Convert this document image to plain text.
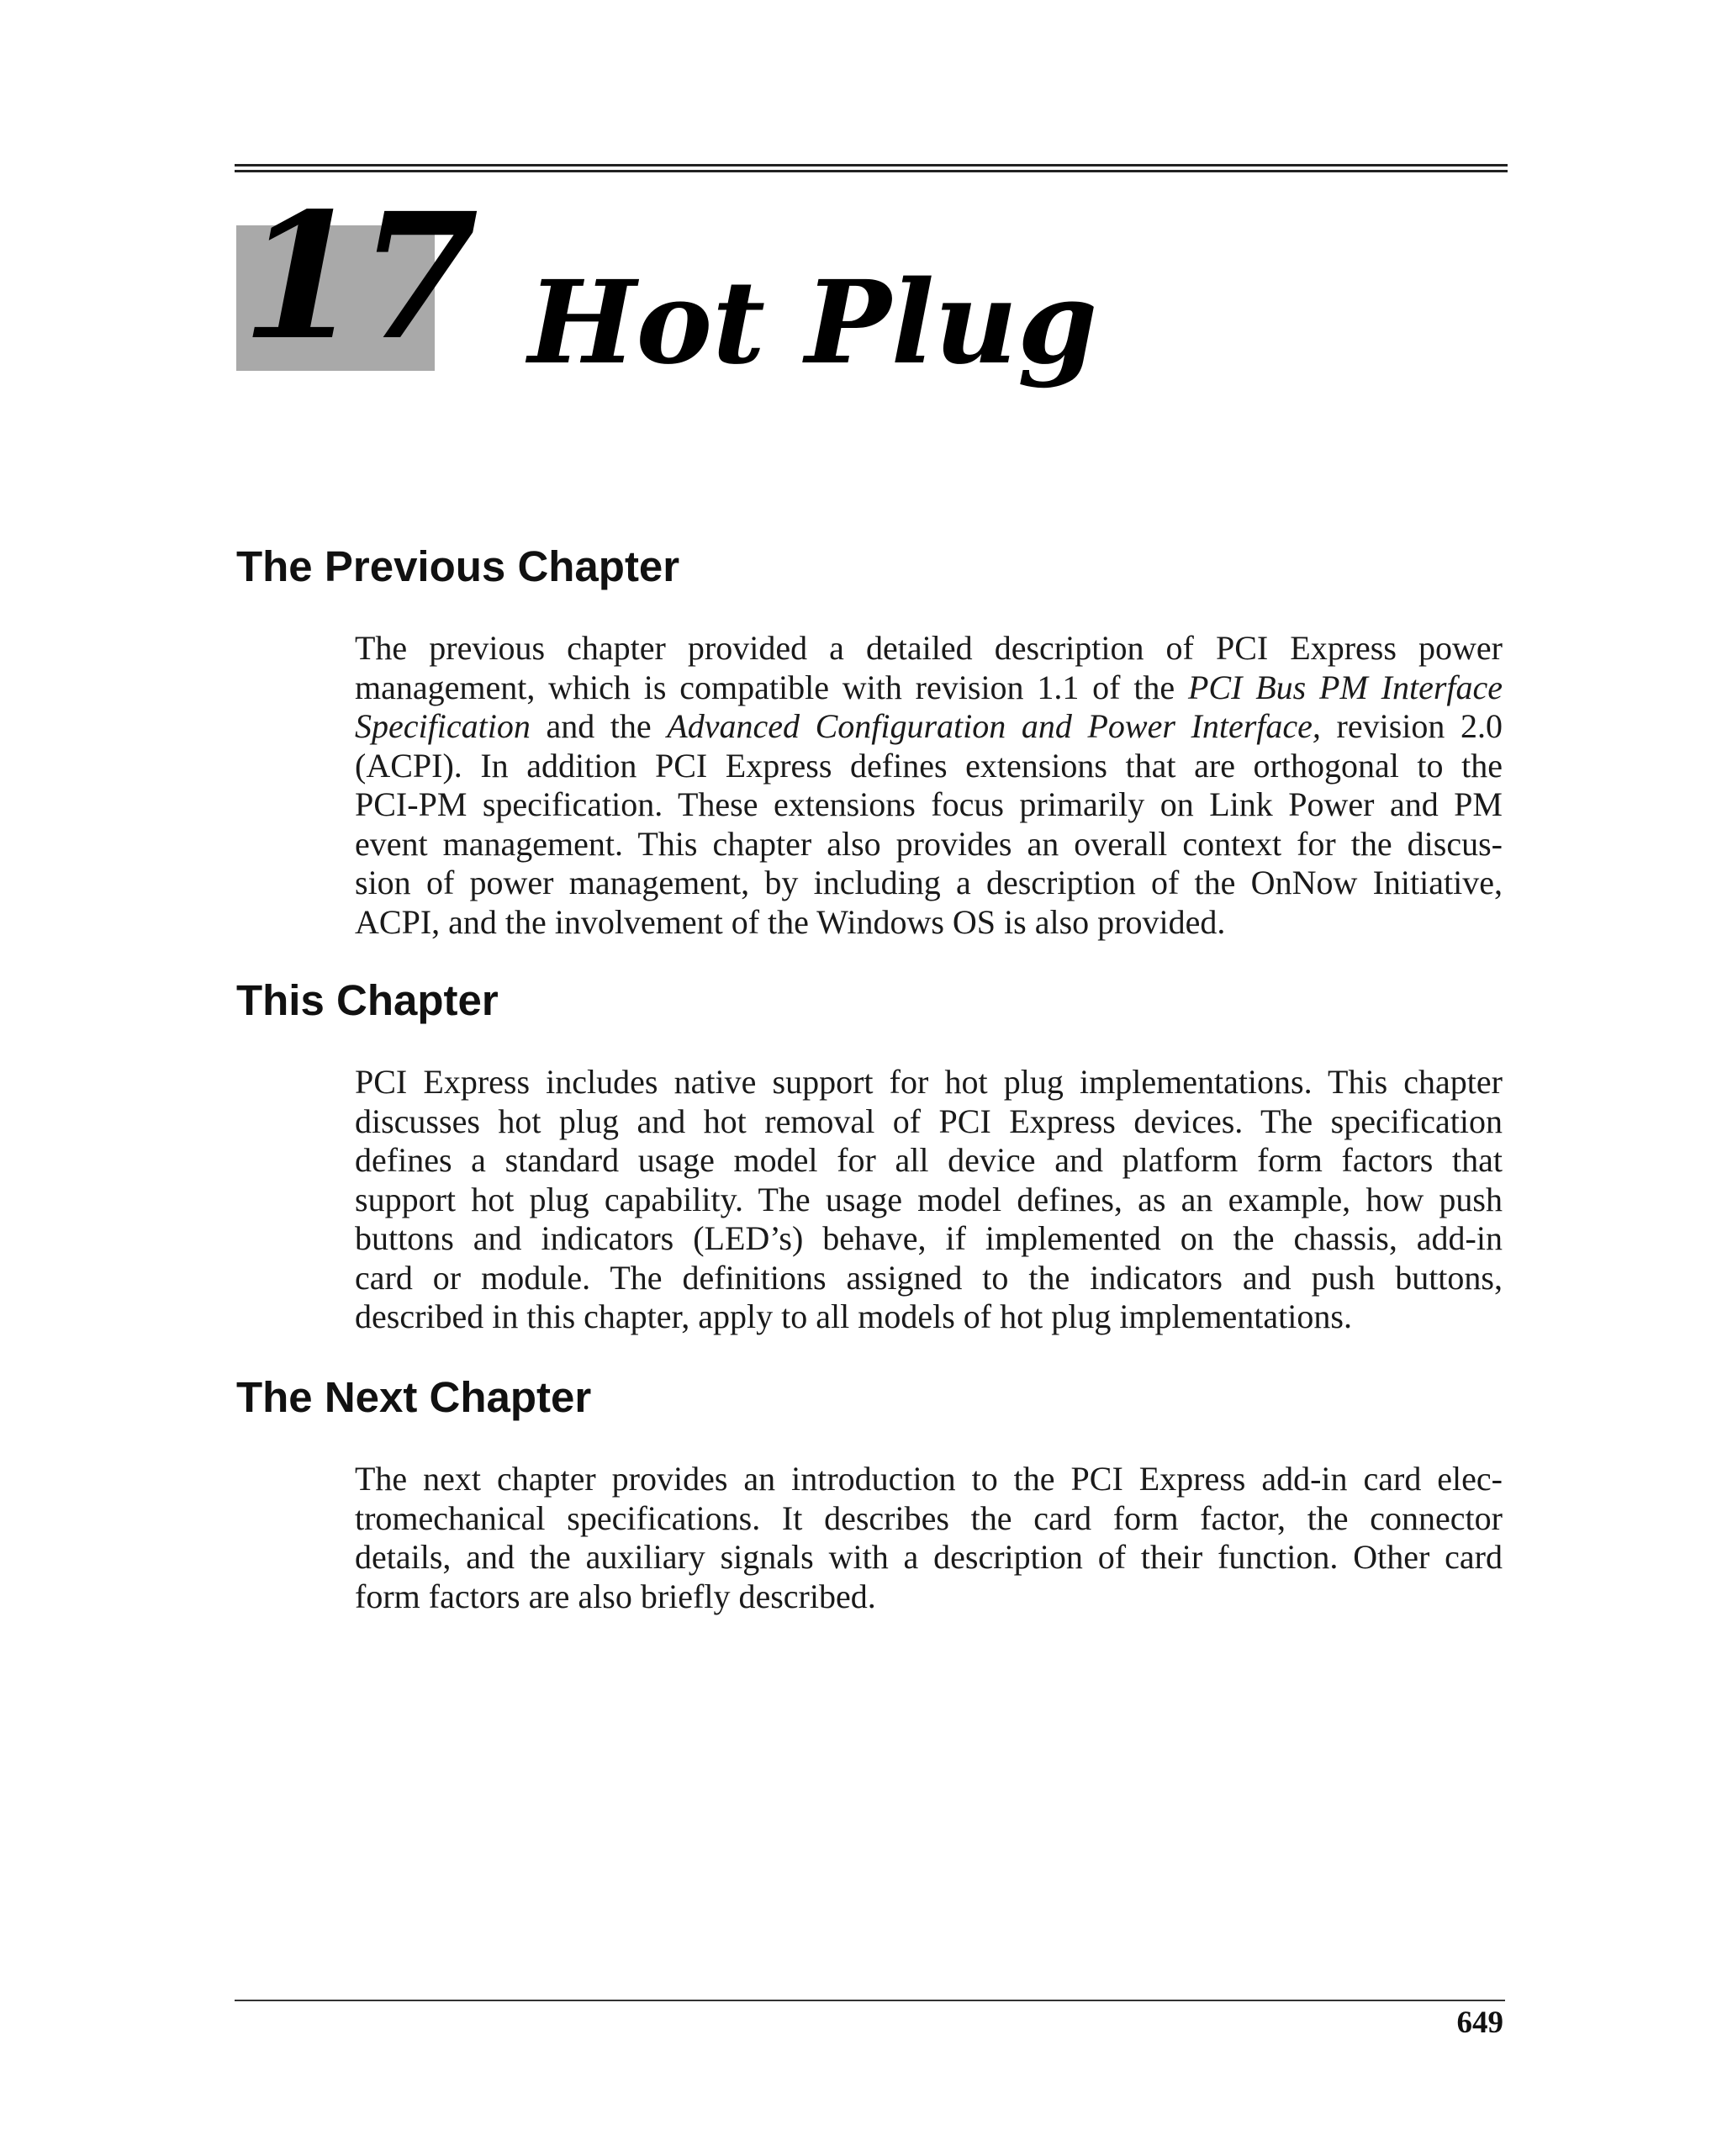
17 Hot Plug
The Previous Chapter
The previous chapter provided a detailed description of PCI Express power
management, which is compatible with revision 1.1 of the PCI Bus PM Interface
Specification and the Advanced Configuration and Power Interface, revision 2.0
(ACPI). In addition PCI Express defines extensions that are orthogonal to the
PCI-PM specification. These extensions focus primarily on Link Power and PM
event management. This chapter also provides an overall context for the discus-
sion of power management, by including a description of the OnNow Initiative,
ACPI, and the involvement of the Windows OS is also provided.
This Chapter
PCI Express includes native support for hot plug implementations. This chapter
discusses hot plug and hot removal of PCI Express devices. The specification
defines a standard usage model for all device and platform form factors that
support hot plug capability. The usage model defines, as an example, how push
buttons and indicators (LED’s) behave, if implemented on the chassis, add-in
card or module. The definitions assigned to the indicators and push buttons,
described in this chapter, apply to all models of hot plug implementations.
The Next Chapter
The next chapter provides an introduction to the PCI Express add-in card elec-
tromechanical specifications. It describes the card form factor, the connector
details, and the auxiliary signals with a description of their function. Other card
form factors are also briefly described.
649
